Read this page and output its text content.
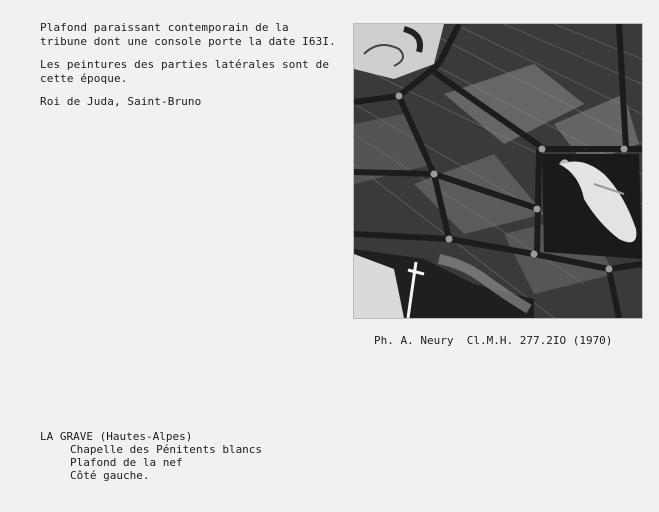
Plafond paraissant contemporain de la tribune dont une console porte la date I63I.

Les peintures des parties latérales sont de cette époque.

Roi de Juda, Saint-Bruno

Ph. A. Neury Cl.M.H. 277.2IO (1970)
LA GRAVE (Hautes-Alpes)
Chapelle des Pénitents blancs
Plafond de la nef
Côté gauche.
